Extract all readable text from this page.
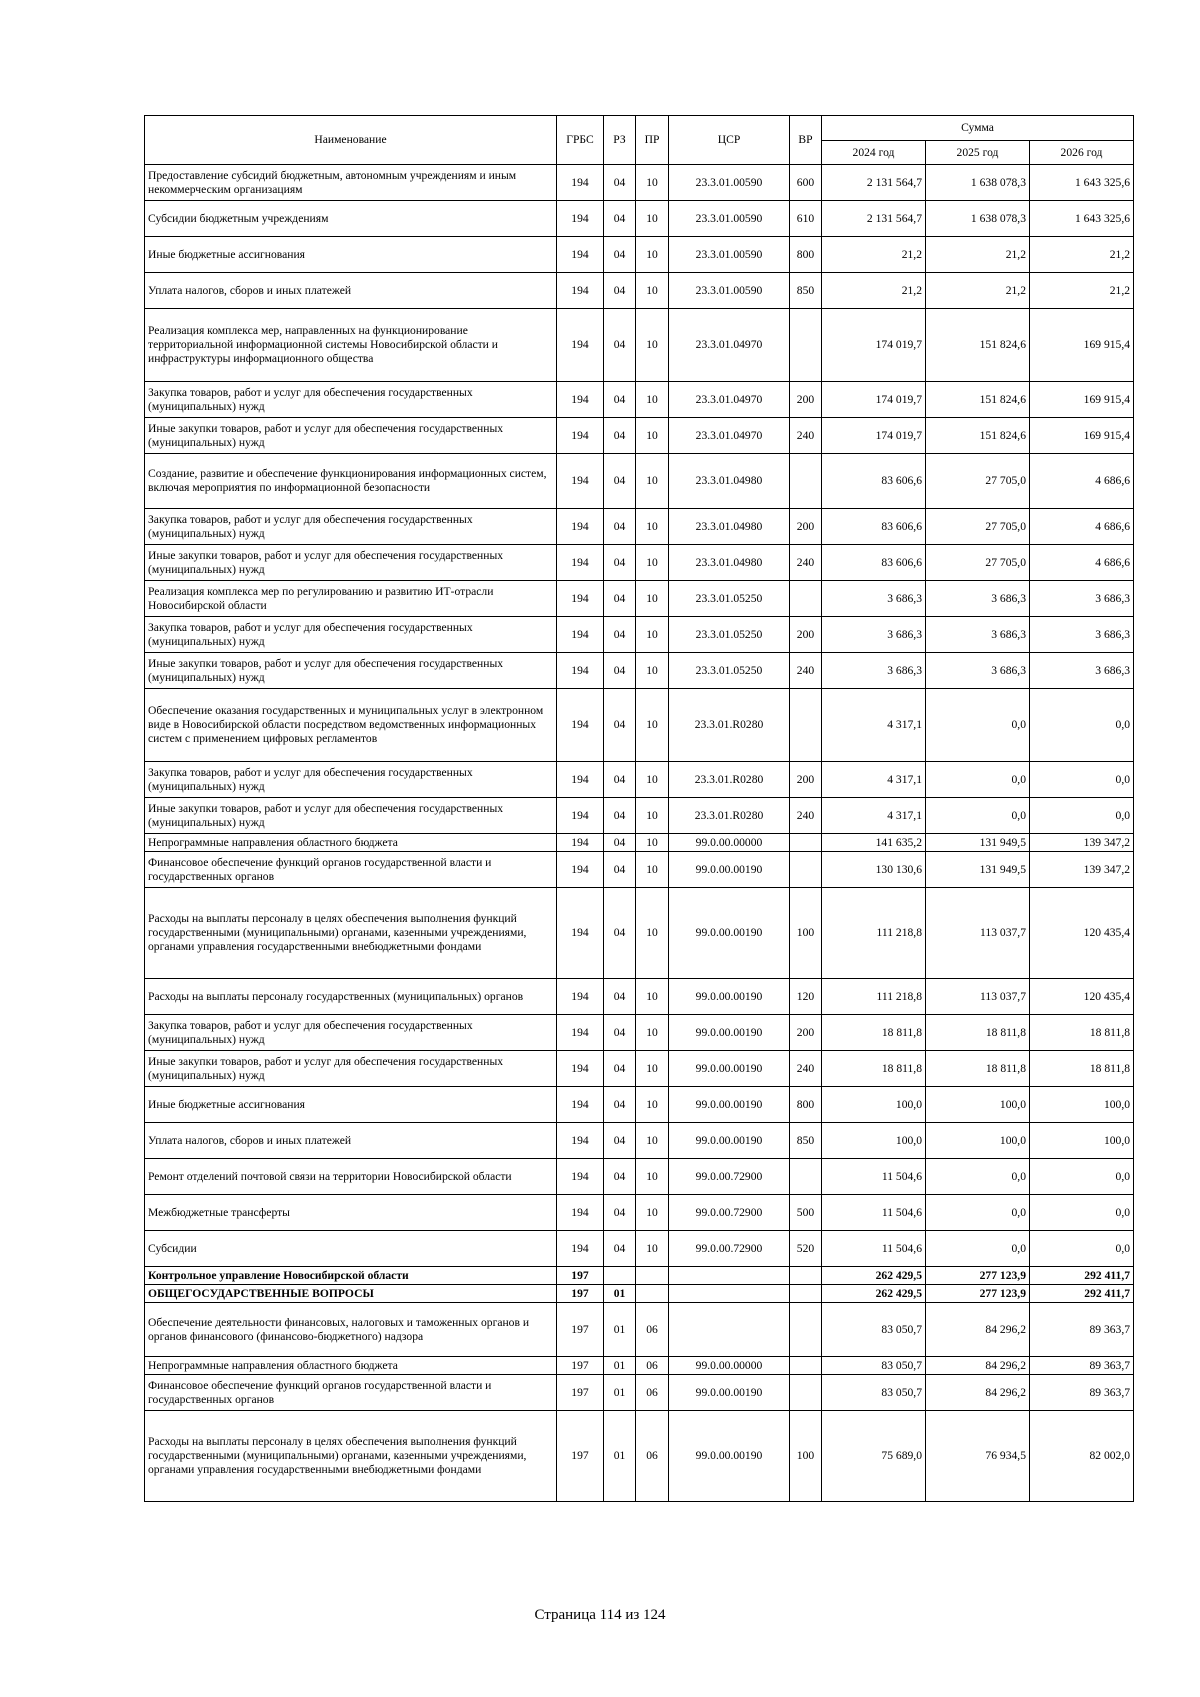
Наименование	ГРБС	РЗ	ПР	ЦСР	ВР	Сумма		
						2024 год	2025 год	2026 год
Предоставление субсидий бюджетным, автономным учреждениям и иным некоммерческим организациям	194	04	10	23.3.01.00590	600	2 131 564,7	1 638 078,3	1 643 325,6
Субсидии бюджетным учреждениям	194	04	10	23.3.01.00590	610	2 131 564,7	1 638 078,3	1 643 325,6
Иные бюджетные ассигнования	194	04	10	23.3.01.00590	800	21,2	21,2	21,2
Уплата налогов, сборов и иных платежей	194	04	10	23.3.01.00590	850	21,2	21,2	21,2
Реализация комплекса мер, направленных на функционирование территориальной информационной системы Новосибирской области и инфраструктуры информационного общества	194	04	10	23.3.01.04970		174 019,7	151 824,6	169 915,4
Закупка товаров, работ и услуг для обеспечения государственных (муниципальных) нужд	194	04	10	23.3.01.04970	200	174 019,7	151 824,6	169 915,4
Иные закупки товаров, работ и услуг для обеспечения государственных (муниципальных) нужд	194	04	10	23.3.01.04970	240	174 019,7	151 824,6	169 915,4
Создание, развитие и обеспечение функционирования информационных систем, включая мероприятия по информационной безопасности	194	04	10	23.3.01.04980		83 606,6	27 705,0	4 686,6
Закупка товаров, работ и услуг для обеспечения государственных (муниципальных) нужд	194	04	10	23.3.01.04980	200	83 606,6	27 705,0	4 686,6
Иные закупки товаров, работ и услуг для обеспечения государственных (муниципальных) нужд	194	04	10	23.3.01.04980	240	83 606,6	27 705,0	4 686,6
Реализация комплекса мер по регулированию и развитию ИТ-отрасли Новосибирской области	194	04	10	23.3.01.05250		3 686,3	3 686,3	3 686,3
Закупка товаров, работ и услуг для обеспечения государственных (муниципальных) нужд	194	04	10	23.3.01.05250	200	3 686,3	3 686,3	3 686,3
Иные закупки товаров, работ и услуг для обеспечения государственных (муниципальных) нужд	194	04	10	23.3.01.05250	240	3 686,3	3 686,3	3 686,3
Обеспечение оказания государственных и муниципальных услуг в электронном виде в Новосибирской области посредством ведомственных информационных систем с применением цифровых регламентов	194	04	10	23.3.01.R0280		4 317,1	0,0	0,0
Закупка товаров, работ и услуг для обеспечения государственных (муниципальных) нужд	194	04	10	23.3.01.R0280	200	4 317,1	0,0	0,0
Иные закупки товаров, работ и услуг для обеспечения государственных (муниципальных) нужд	194	04	10	23.3.01.R0280	240	4 317,1	0,0	0,0
Непрограммные направления областного бюджета	194	04	10	99.0.00.00000		141 635,2	131 949,5	139 347,2
Финансовое обеспечение функций органов государственной власти и государственных органов	194	04	10	99.0.00.00190		130 130,6	131 949,5	139 347,2
Расходы на выплаты персоналу в целях обеспечения выполнения функций государственными (муниципальными) органами, казенными учреждениями, органами управления государственными внебюджетными фондами	194	04	10	99.0.00.00190	100	111 218,8	113 037,7	120 435,4
Расходы на выплаты персоналу государственных (муниципальных) органов	194	04	10	99.0.00.00190	120	111 218,8	113 037,7	120 435,4
Закупка товаров, работ и услуг для обеспечения государственных (муниципальных) нужд	194	04	10	99.0.00.00190	200	18 811,8	18 811,8	18 811,8
Иные закупки товаров, работ и услуг для обеспечения государственных (муниципальных) нужд	194	04	10	99.0.00.00190	240	18 811,8	18 811,8	18 811,8
Иные бюджетные ассигнования	194	04	10	99.0.00.00190	800	100,0	100,0	100,0
Уплата налогов, сборов и иных платежей	194	04	10	99.0.00.00190	850	100,0	100,0	100,0
Ремонт отделений почтовой связи на территории Новосибирской области	194	04	10	99.0.00.72900		11 504,6	0,0	0,0
Межбюджетные трансферты	194	04	10	99.0.00.72900	500	11 504,6	0,0	0,0
Субсидии	194	04	10	99.0.00.72900	520	11 504,6	0,0	0,0
Контрольное управление Новосибирской области	197					262 429,5	277 123,9	292 411,7
ОБЩЕГОСУДАРСТВЕННЫЕ ВОПРОСЫ	197	01				262 429,5	277 123,9	292 411,7
Обеспечение деятельности финансовых, налоговых и таможенных органов и органов финансового (финансово-бюджетного) надзора	197	01	06			83 050,7	84 296,2	89 363,7
Непрограммные направления областного бюджета	197	01	06	99.0.00.00000		83 050,7	84 296,2	89 363,7
Финансовое обеспечение функций органов государственной власти и государственных органов	197	01	06	99.0.00.00190		83 050,7	84 296,2	89 363,7
Расходы на выплаты персоналу в целях обеспечения выполнения функций государственными (муниципальными) органами, казенными учреждениями, органами управления государственными внебюджетными фондами	197	01	06	99.0.00.00190	100	75 689,0	76 934,5	82 002,0
Страница 114 из 124
